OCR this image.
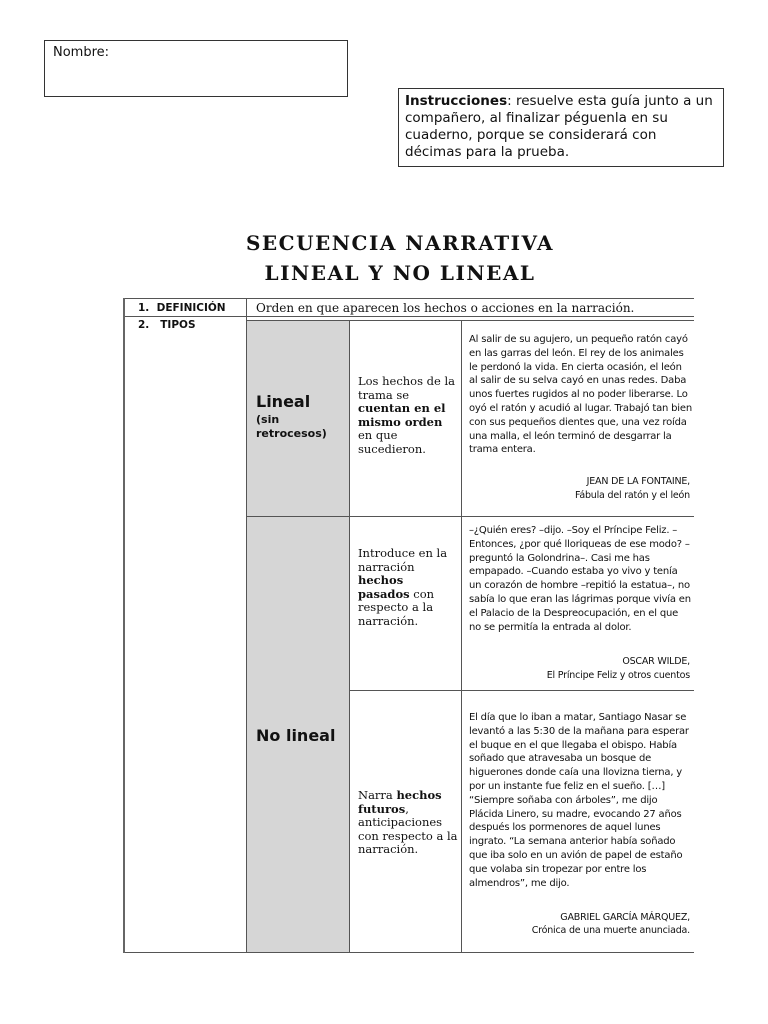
Nombre:
Instrucciones: resuelve esta guía junto a un compañero, al finalizar péguenla en su cuaderno, porque se considerará con décimas para la prueba.
SECUENCIA NARRATIVA
LINEAL Y NO LINEAL
1.  DEFINICIÓN	Orden en que aparecen los hechos o acciones en la narración.
2.   TIPOS
Lineal
(sin retrocesos)
Los hechos de la trama se cuentan en el mismo orden en que sucedieron.
Al salir de su agujero, un pequeño ratón cayó en las garras del león. El rey de los animales le perdonó la vida. En cierta ocasión, el león al salir de su selva cayó en unas redes. Daba unos fuertes rugidos al no poder liberarse. Lo oyó el ratón y acudió al lugar. Trabajó tan bien con sus pequeños dientes que, una vez roída una malla, el león terminó de desgarrar la trama entera.
JEAN DE LA FONTAINE,
Fábula del ratón y el león
No lineal
Introduce en la narración hechos pasados con respecto a la narración.
–¿Quién eres? –dijo. –Soy el Príncipe Feliz. –Entonces, ¿por qué lloriqueas de ese modo? –preguntó la Golondrina–. Casi me has empapado. –Cuando estaba yo vivo y tenía un corazón de hombre –repitió la estatua–, no sabía lo que eran las lágrimas porque vivía en el Palacio de la Despreocupación, en el que no se permitía la entrada al dolor.
OSCAR WILDE,
El Príncipe Feliz y otros cuentos
Narra hechos futuros, anticipaciones con respecto a la narración.
El día que lo iban a matar, Santiago Nasar se levantó a las 5:30 de la mañana para esperar el buque en el que llegaba el obispo. Había soñado que atravesaba un bosque de higuerones donde caía una llovizna tierna, y por un instante fue feliz en el sueño. […] “Siempre soñaba con árboles”, me dijo Plácida Linero, su madre, evocando 27 años después los pormenores de aquel lunes ingrato. “La semana anterior había soñado que iba solo en un avión de papel de estaño que volaba sin tropezar por entre los almendros”, me dijo.
GABRIEL GARCÍA MÁRQUEZ,
Crónica de una muerte anunciada.
